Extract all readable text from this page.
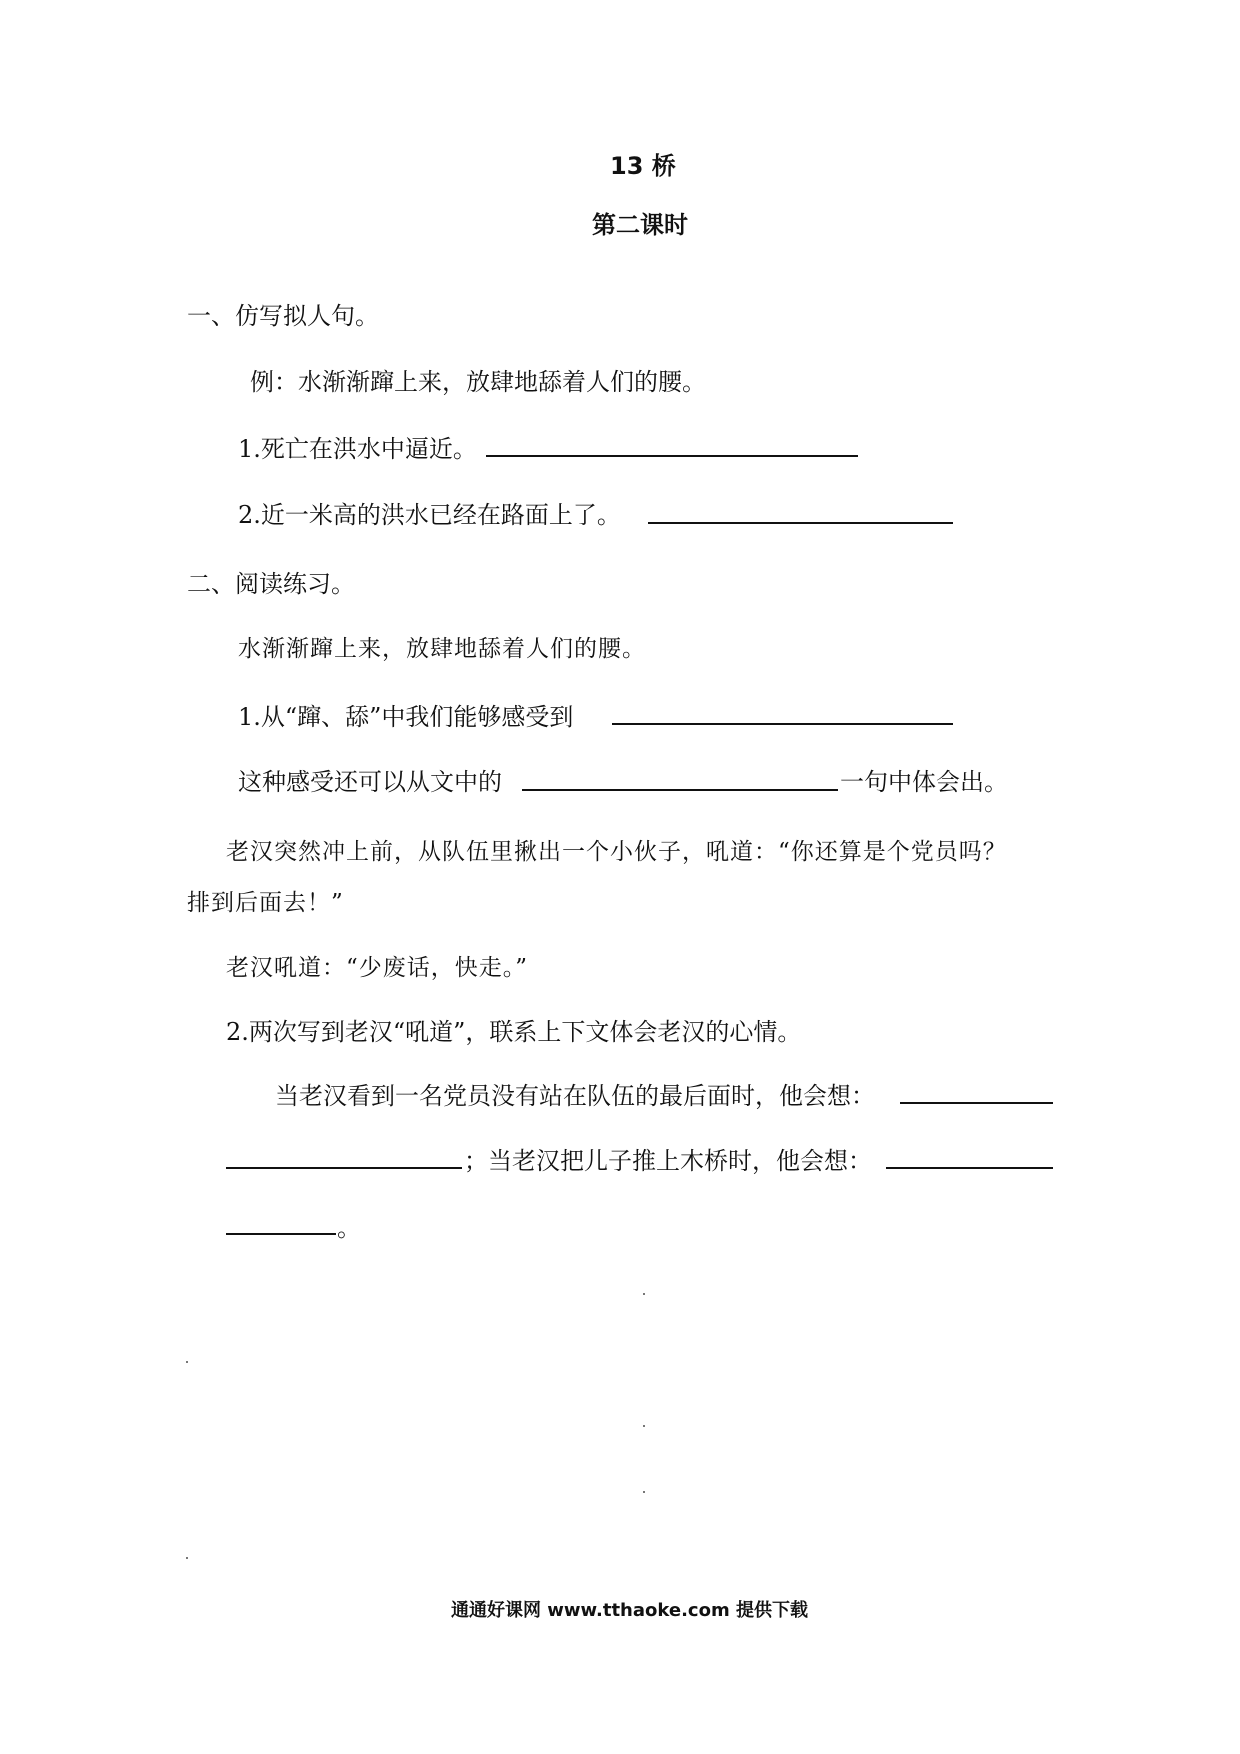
13 桥
第二课时
一、仿写拟人句。
例：水渐渐蹿上来，放肆地舔着人们的腰。
1.死亡在洪水中逼近。
2.近一米高的洪水已经在路面上了。
二、阅读练习。
水渐渐蹿上来，放肆地舔着人们的腰。
1.从“蹿、舔”中我们能够感受到
这种感受还可以从文中的	一句中体会出。
老汉突然冲上前，从队伍里揪出一个小伙子，吼道：“你还算是个党员吗？
排到后面去！”
老汉吼道：“少废话，快走。”
2.两次写到老汉“吼道”，联系上下文体会老汉的心情。
当老汉看到一名党员没有站在队伍的最后面时，他会想：
；当老汉把儿子推上木桥时，他会想：
。
通通好课网 www.tthaoke.com 提供下载
